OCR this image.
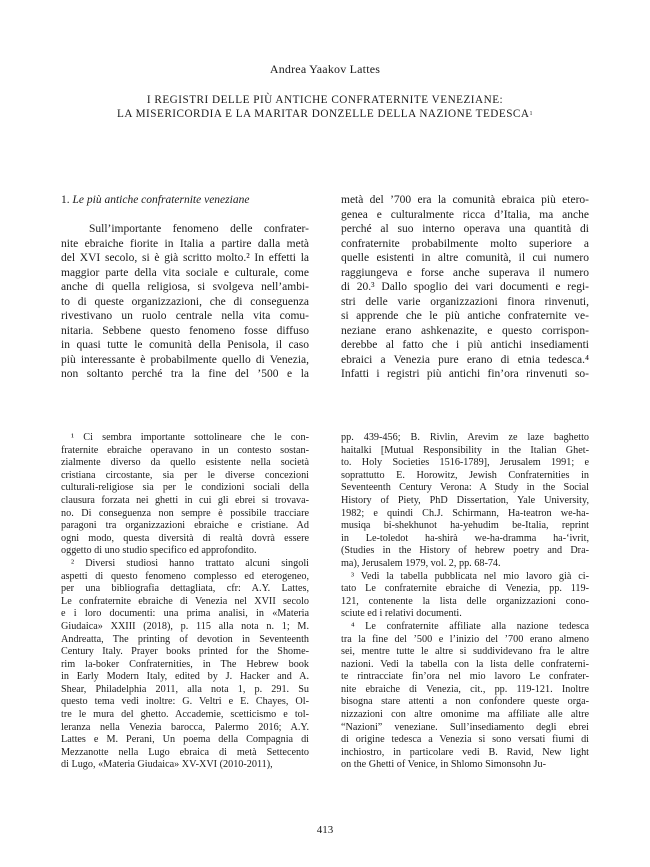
Andrea Yaakov Lattes
I REGISTRI DELLE PIÙ ANTICHE CONFRATERNITE VENEZIANE:
LA MISERICORDIA E LA MARITAR DONZELLE DELLA NAZIONE TEDESCA$^1$
1. Le più antiche confraternite veneziane
Sull’importante fenomeno delle confrater-
nite ebraiche fiorite in Italia a partire dalla metà
del XVI secolo, si è già scritto molto.² In effetti la
maggior parte della vita sociale e culturale, come
anche di quella religiosa, si svolgeva nell’ambi-
to di queste organizzazioni, che di conseguenza
rivestivano un ruolo centrale nella vita comu-
nitaria. Sebbene questo fenomeno fosse diffuso
in quasi tutte le comunità della Penisola, il caso
più interessante è probabilmente quello di Venezia,
non soltanto perché tra la fine del ’500 e la
metà del ’700 era la comunità ebraica più etero-
genea e culturalmente ricca d’Italia, ma anche
perché al suo interno operava una quantità di
confraternite probabilmente molto superiore a
quelle esistenti in altre comunità, il cui numero
raggiungeva e forse anche superava il numero
di 20.³ Dallo spoglio dei vari documenti e regi-
stri delle varie organizzazioni finora rinvenuti,
si apprende che le più antiche confraternite ve-
neziane erano ashkenazite, e questo corrispon-
derebbe al fatto che i più antichi insediamenti
ebraici a Venezia pure erano di etnia tedesca.⁴
Infatti i registri più antichi fin’ora rinvenuti so-
¹ Ci sembra importante sottolineare che le con-
fraternite ebraiche operavano in un contesto sostan-
zialmente diverso da quello esistente nella società
cristiana circostante, sia per le diverse concezioni
culturali-religiose sia per le condizioni sociali della
clausura forzata nei ghetti in cui gli ebrei si trovava-
no. Di conseguenza non sempre è possibile tracciare
paragoni tra organizzazioni ebraiche e cristiane. Ad
ogni modo, questa diversità di realtà dovrà essere
oggetto di uno studio specifico ed approfondito.
² Diversi studiosi hanno trattato alcuni singoli
aspetti di questo fenomeno complesso ed eterogeneo,
per una bibliografia dettagliata, cfr: A.Y. Lattes,
Le confraternite ebraiche di Venezia nel XVII secolo
e i loro documenti: una prima analisi, in «Materia
Giudaica» XXIII (2018), p. 115 alla nota n. 1; M.
Andreatta, The printing of devotion in Seventeenth
Century Italy. Prayer books printed for the Shome-
rim la-boker Confraternities, in The Hebrew book
in Early Modern Italy, edited by J. Hacker and A.
Shear, Philadelphia 2011, alla nota 1, p. 291. Su
questo tema vedi inoltre: G. Veltri e E. Chayes, Ol-
tre le mura del ghetto. Accademie, scetticismo e tol-
leranza nella Venezia barocca, Palermo 2016; A.Y.
Lattes e M. Perani, Un poema della Compagnia di
Mezzanotte nella Lugo ebraica di metà Settecento
di Lugo, «Materia Giudaica» XV-XVI (2010-2011),
pp. 439-456; B. Rivlin, Arevim ze laze baghetto
haitalki [Mutual Responsibility in the Italian Ghet-
to. Holy Societies 1516-1789], Jerusalem 1991; e
soprattutto E. Horowitz, Jewish Confraternities in
Seventeenth Century Verona: A Study in the Social
History of Piety, PhD Dissertation, Yale University,
1982; e quindi Ch.J. Schirmann, Ha-teatron we-ha-
musiqa bi-shekhunot ha-yehudim be-Italia, reprint
in Le-toledot ha-shirà we-ha-dramma ha-‘ivrit,
(Studies in the History of hebrew poetry and Dra-
ma), Jerusalem 1979, vol. 2, pp. 68-74.
³ Vedi la tabella pubblicata nel mio lavoro già ci-
tato Le confraternite ebraiche di Venezia, pp. 119-
121, contenente la lista delle organizzazioni cono-
sciute ed i relativi documenti.
⁴ Le confraternite affiliate alla nazione tedesca
tra la fine del ’500 e l’inizio del ’700 erano almeno
sei, mentre tutte le altre si suddividevano fra le altre
nazioni. Vedi la tabella con la lista delle confraterni-
te rintracciate fin’ora nel mio lavoro Le confrater-
nite ebraiche di Venezia, cit., pp. 119-121. Inoltre
bisogna stare attenti a non confondere queste orga-
nizzazioni con altre omonime ma affiliate alle altre
“Nazioni” veneziane. Sull’insediamento degli ebrei
di origine tedesca a Venezia si sono versati fiumi di
inchiostro, in particolare vedi B. Ravid, New light
on the Ghetti of Venice, in Shlomo Simonsohn Ju-
413
